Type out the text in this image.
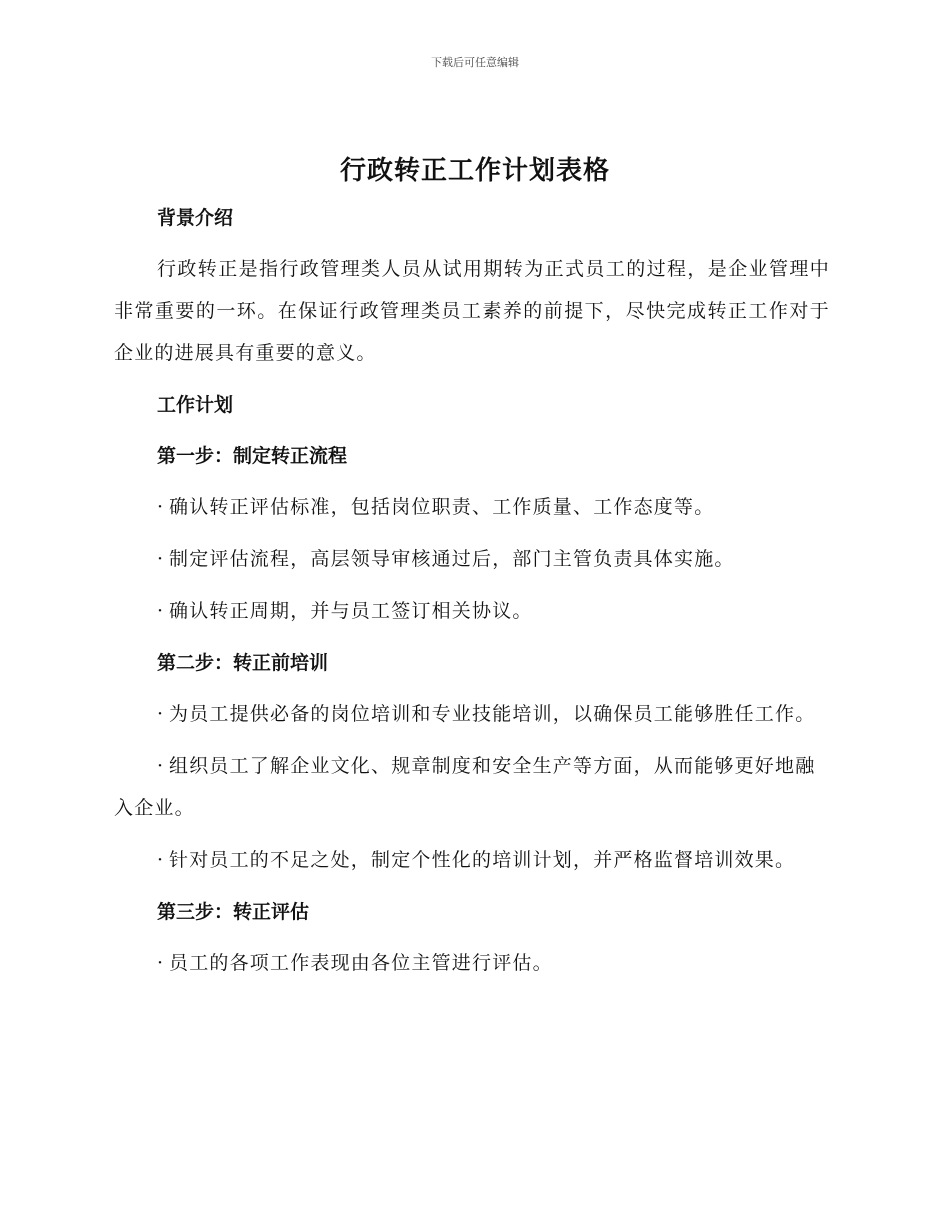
下载后可任意编辑
行政转正工作计划表格
背景介绍

行政转正是指行政管理类人员从试用期转为正式员工的过程，是企业管理中非常重要的一环。在保证行政管理类员工素养的前提下，尽快完成转正工作对于企业的进展具有重要的意义。

工作计划
第一步：制定转正流程

· 确认转正评估标准，包括岗位职责、工作质量、工作态度等。

· 制定评估流程，高层领导审核通过后，部门主管负责具体实施。

· 确认转正周期，并与员工签订相关协议。

第二步：转正前培训

· 为员工提供必备的岗位培训和专业技能培训，以确保员工能够胜任工作。

· 组织员工了解企业文化、规章制度和安全生产等方面，从而能够更好地融入企业。

· 针对员工的不足之处，制定个性化的培训计划，并严格监督培训效果。

第三步：转正评估

· 员工的各项工作表现由各位主管进行评估。
